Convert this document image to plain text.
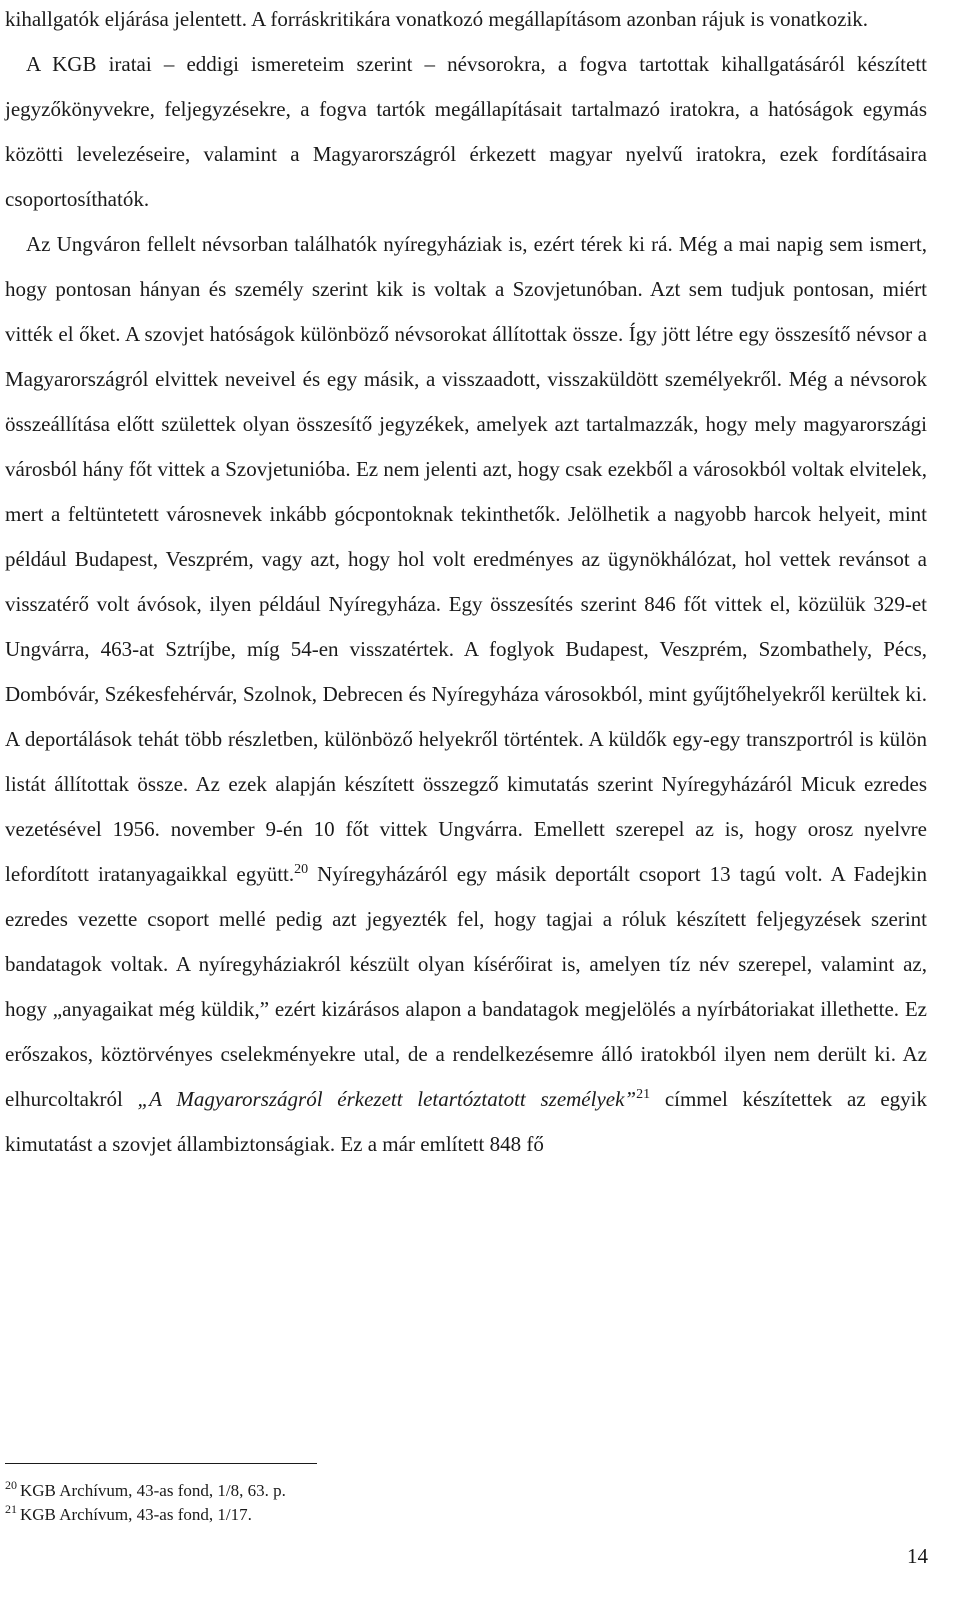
kihallgatók eljárása jelentett. A forráskritikára vonatkozó megállapításom azonban rájuk is vonatkozik.

A KGB iratai – eddigi ismereteim szerint – névsorokra, a fogva tartottak kihallgatásáról készített jegyzőkönyvekre, feljegyzésekre, a fogva tartók megállapításait tartalmazó iratokra, a hatóságok egymás közötti levelezéseire, valamint a Magyarországról érkezett magyar nyelvű iratokra, ezek fordításaira csoportosíthatók.

Az Ungváron fellelt névsorban találhatók nyíregyháziak is, ezért térek ki rá. Még a mai napig sem ismert, hogy pontosan hányan és személy szerint kik is voltak a Szovjetunóban. Azt sem tudjuk pontosan, miért vitték el őket. A szovjet hatóságok különböző névsorokat állítottak össze. Így jött létre egy összesítő névsor a Magyarországról elvittek neveivel és egy másik, a visszaadott, visszaküldött személyekről. Még a névsorok összeállítása előtt születtek olyan összesítő jegyzékek, amelyek azt tartalmazzák, hogy mely magyarországi városból hány főt vittek a Szovjetunióba. Ez nem jelenti azt, hogy csak ezekből a városokból voltak elvitelek, mert a feltüntetett városnevek inkább gócpontoknak tekinthetők. Jelölhetik a nagyobb harcok helyeit, mint például Budapest, Veszprém, vagy azt, hogy hol volt eredményes az ügynökhálózat, hol vettek revánsot a visszatérő volt ávósok, ilyen például Nyíregyháza. Egy összesítés szerint 846 főt vittek el, közülük 329-et Ungvárra, 463-at Sztríjbe, míg 54-en visszatértek. A foglyok Budapest, Veszprém, Szombathely, Pécs, Dombóvár, Székesfehérvár, Szolnok, Debrecen és Nyíregyháza városokból, mint gyűjtőhelyekről kerültek ki. A deportálások tehát több részletben, különböző helyekről történtek. A küldők egy-egy transzportról is külön listát állítottak össze. Az ezek alapján készített összegző kimutatás szerint Nyíregyházáról Micuk ezredes vezetésével 1956. november 9-én 10 főt vittek Ungvárra. Emellett szerepel az is, hogy orosz nyelvre lefordított iratanyagaikkal együtt.$^{20}$ Nyíregyházáról egy másik deportált csoport 13 tagú volt. A Fadejkin ezredes vezette csoport mellé pedig azt jegyezték fel, hogy tagjai a róluk készített feljegyzések szerint bandatagok voltak. A nyíregyháziakról készült olyan kísérőirat is, amelyen tíz név szerepel, valamint az, hogy „anyagaikat még küldik,” ezért kizárásos alapon a bandatagok megjelölés a nyírbátoriakat illethette. Ez erőszakos, köztörvényes cselekményekre utal, de a rendelkezésemre álló iratokból ilyen nem derült ki. Az elhurcoltakról „A Magyarországról érkezett letartóztatott személyek”$^{21}$ címmel készítettek az egyik kimutatást a szovjet állambiztonságiak. Ez a már említett 848 fő

$^{20}$ KGB Archívum, 43-as fond, 1/8, 63. p.

$^{21}$ KGB Archívum, 43-as fond, 1/17.

14
